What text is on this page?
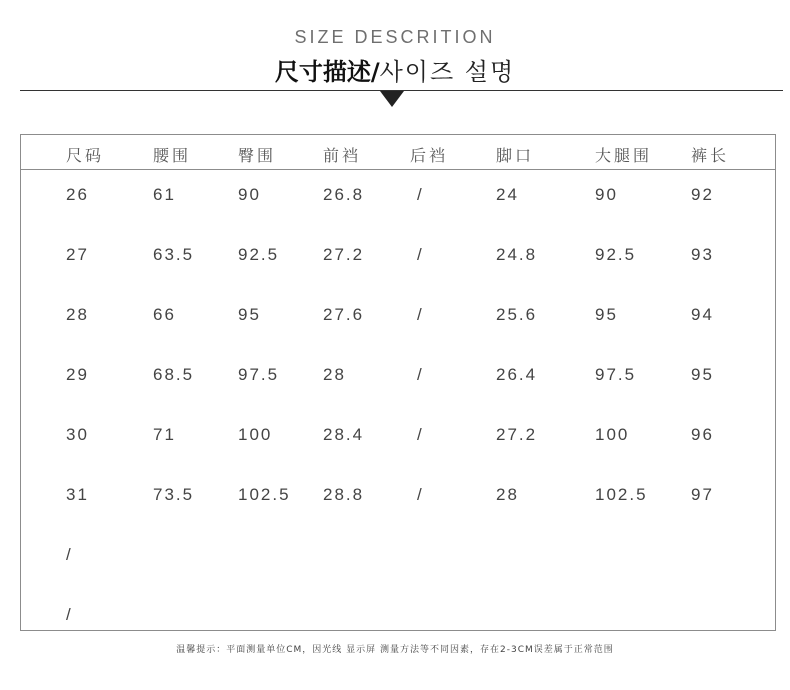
SIZE DESCRITION
尺寸描述/사이즈 설명
尺码	腰围	臀围	前裆	后裆	脚口	大腿围 裤长
26	61	90	26.8	/	24	90	92
27	63.5	92.5	27.2	/	24.8	92.5	93
28	66	95	27.6	/	25.6	95	94
29	68.5	97.5	28	/	26.4	97.5	95
30	71	100	28.4	/	27.2	100	96
31	73.5	102.5 28.8	/	28	102.5	97
/
/
温馨提示：平面测量单位CM，因光线 显示屏 测量方法等不同因素，存在2-3CM误差属于正常范围
